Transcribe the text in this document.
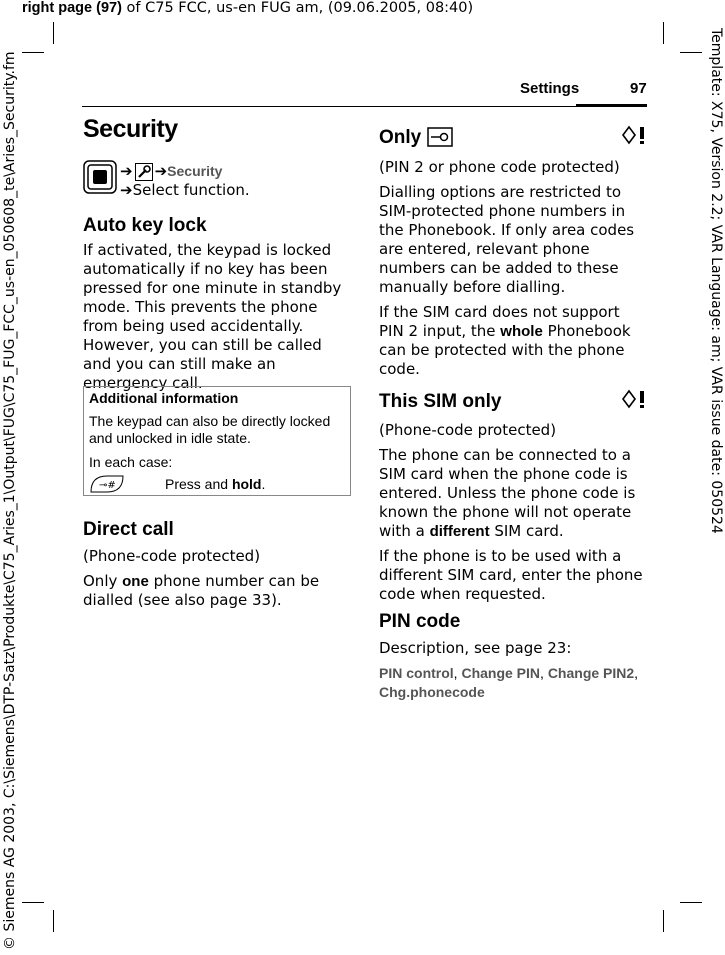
right page (97) of C75 FCC, us-en FUG am, (09.06.2005, 08:40)
Template: X75, Version 2.2; VAR Language: am; VAR issue date: 050524
© Siemens AG 2003, C:\Siemens\DTP-Satz\Produkte\C75_Aries_1\Output\FUG\C75_FUG_FCC_us-en_050608_te\Aries_Security.fm	Settings	97
Security
➔ ➔ Security
➔Select function.
Auto key lock

If activated, the keypad is locked automatically if no key has been pressed for one minute in standby mode. This prevents the phone from being used accidentally. However, you can still be called and you can still make an emergency call.

Additional information
The keypad can also be directly locked and unlocked in idle state.
In each case:
⊸#	Press and hold.
Direct call

(Phone-code protected)

Only one phone number can be dialled (see also page 33).

Only

(PIN 2 or phone code protected)

Dialling options are restricted to SIM-protected phone numbers in the Phonebook. If only area codes are entered, relevant phone numbers can be added to these manually before dialling.

If the SIM card does not support PIN 2 input, the whole Phonebook can be protected with the phone code.

This SIM only

(Phone-code protected)

The phone can be connected to a SIM card when the phone code is entered. Unless the phone code is known the phone will not operate with a different SIM card.

If the phone is to be used with a different SIM card, enter the phone code when requested.

PIN code

Description, see page 23:

PIN control, Change PIN, Change PIN2,
Chg.phonecode
